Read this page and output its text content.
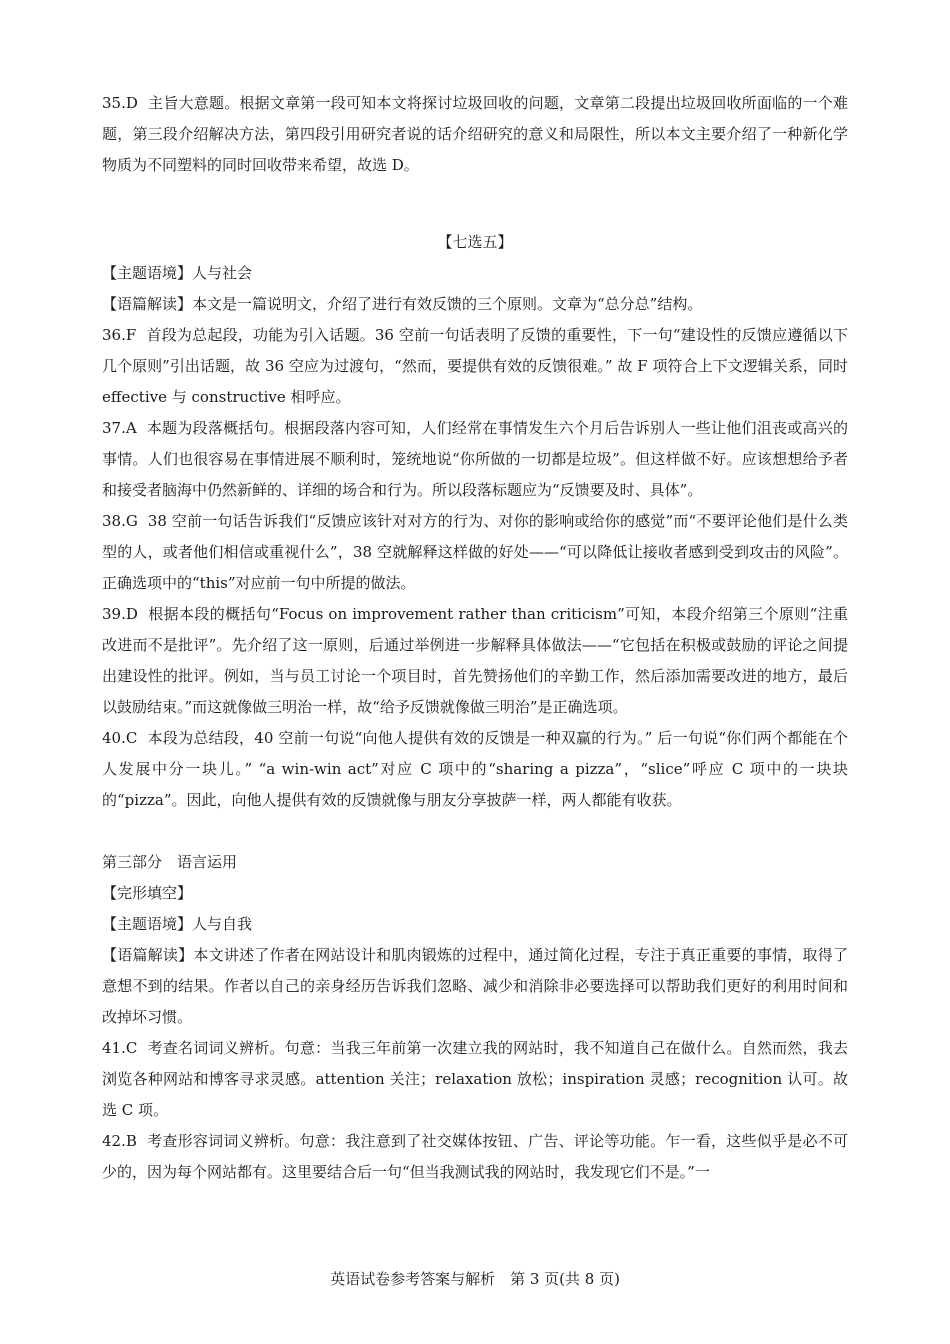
35.D 主旨大意题。根据文章第一段可知本文将探讨垃圾回收的问题，文章第二段提出垃圾回收所面临的一个难题，第三段介绍解决方法，第四段引用研究者说的话介绍研究的意义和局限性，所以本文主要介绍了一种新化学物质为不同塑料的同时回收带来希望，故选 D。

【七选五】

【主题语境】人与社会

【语篇解读】本文是一篇说明文，介绍了进行有效反馈的三个原则。文章为“总分总”结构。

36.F 首段为总起段，功能为引入话题。36 空前一句话表明了反馈的重要性，下一句“建设性的反馈应遵循以下几个原则”引出话题，故 36 空应为过渡句，“然而，要提供有效的反馈很难。” 故 F 项符合上下文逻辑关系，同时 effective 与 constructive 相呼应。

37.A 本题为段落概括句。根据段落内容可知，人们经常在事情发生六个月后告诉别人一些让他们沮丧或高兴的事情。人们也很容易在事情进展不顺利时，笼统地说“你所做的一切都是垃圾”。但这样做不好。应该想想给予者和接受者脑海中仍然新鲜的、详细的场合和行为。所以段落标题应为“反馈要及时、具体”。

38.G 38 空前一句话告诉我们“反馈应该针对对方的行为、对你的影响或给你的感觉”而“不要评论他们是什么类型的人，或者他们相信或重视什么”，38 空就解释这样做的好处——“可以降低让接收者感到受到攻击的风险”。正确选项中的“this”对应前一句中所提的做法。

39.D 根据本段的概括句“Focus on improvement rather than criticism”可知，本段介绍第三个原则“注重改进而不是批评”。先介绍了这一原则，后通过举例进一步解释具体做法——“它包括在积极或鼓励的评论之间提出建设性的批评。例如，当与员工讨论一个项目时，首先赞扬他们的辛勤工作，然后添加需要改进的地方，最后以鼓励结束。”而这就像做三明治一样，故“给予反馈就像做三明治”是正确选项。

40.C 本段为总结段，40 空前一句说“向他人提供有效的反馈是一种双赢的行为。” 后一句说“你们两个都能在个人发展中分一块儿。” “a win-win act”对应 C 项中的“sharing a pizza”，“slice”呼应 C 项中的一块块的“pizza”。因此，向他人提供有效的反馈就像与朋友分享披萨一样，两人都能有收获。

第三部分　语言运用

【完形填空】

【主题语境】人与自我

【语篇解读】本文讲述了作者在网站设计和肌肉锻炼的过程中，通过简化过程，专注于真正重要的事情，取得了意想不到的结果。作者以自己的亲身经历告诉我们忽略、减少和消除非必要选择可以帮助我们更好的利用时间和改掉坏习惯。

41.C 考查名词词义辨析。句意：当我三年前第一次建立我的网站时，我不知道自己在做什么。自然而然，我去浏览各种网站和博客寻求灵感。attention 关注；relaxation 放松；inspiration 灵感；recognition 认可。故选 C 项。

42.B 考查形容词词义辨析。句意：我注意到了社交媒体按钮、广告、评论等功能。乍一看，这些似乎是必不可少的，因为每个网站都有。这里要结合后一句“但当我测试我的网站时，我发现它们不是。”一

英语试卷参考答案与解析　第 3 页(共 8 页)
